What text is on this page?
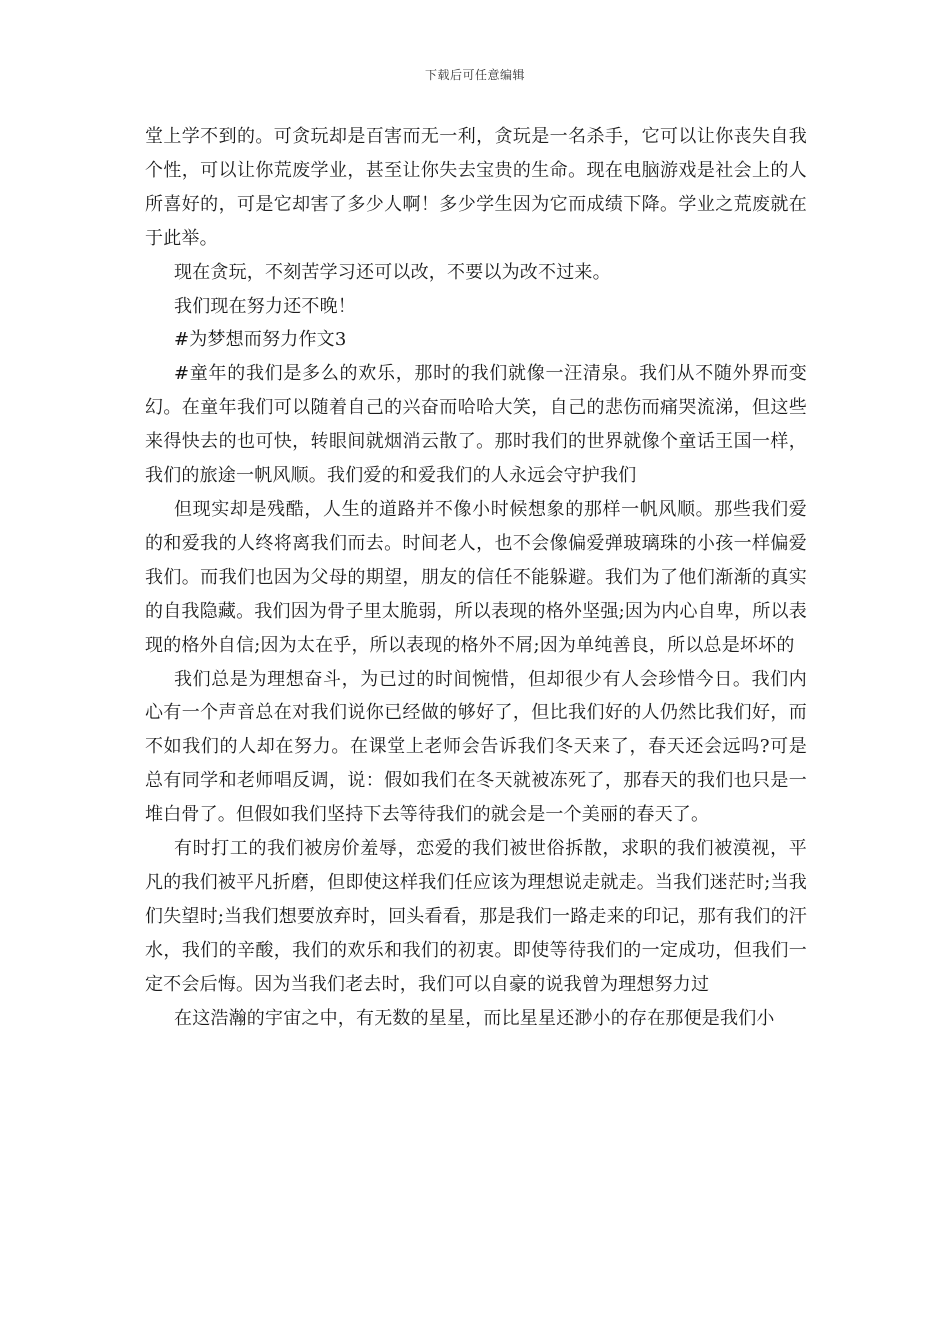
下载后可任意编辑

堂上学不到的。可贪玩却是百害而无一利，贪玩是一名杀手，它可以让你丧失自我个性，可以让你荒废学业，甚至让你失去宝贵的生命。现在电脑游戏是社会上的人所喜好的，可是它却害了多少人啊！多少学生因为它而成绩下降。学业之荒废就在于此举。

现在贪玩，不刻苦学习还可以改，不要以为改不过来。

我们现在努力还不晚！

#为梦想而努力作文3

#童年的我们是多么的欢乐，那时的我们就像一汪清泉。我们从不随外界而变幻。在童年我们可以随着自己的兴奋而哈哈大笑，自己的悲伤而痛哭流涕，但这些来得快去的也可快，转眼间就烟消云散了。那时我们的世界就像个童话王国一样，我们的旅途一帆风顺。我们爱的和爱我们的人永远会守护我们

但现实却是残酷，人生的道路并不像小时候想象的那样一帆风顺。那些我们爱的和爱我的人终将离我们而去。时间老人，也不会像偏爱弹玻璃珠的小孩一样偏爱我们。而我们也因为父母的期望，朋友的信任不能躲避。我们为了他们渐渐的真实的自我隐藏。我们因为骨子里太脆弱，所以表现的格外坚强;因为内心自卑，所以表现的格外自信;因为太在乎，所以表现的格外不屑;因为单纯善良，所以总是坏坏的

我们总是为理想奋斗，为已过的时间惋惜，但却很少有人会珍惜今日。我们内心有一个声音总在对我们说你已经做的够好了，但比我们好的人仍然比我们好，而不如我们的人却在努力。在课堂上老师会告诉我们冬天来了，春天还会远吗?可是总有同学和老师唱反调，说：假如我们在冬天就被冻死了，那春天的我们也只是一堆白骨了。但假如我们坚持下去等待我们的就会是一个美丽的春天了。

有时打工的我们被房价羞辱，恋爱的我们被世俗拆散，求职的我们被漠视，平凡的我们被平凡折磨，但即使这样我们任应该为理想说走就走。当我们迷茫时;当我们失望时;当我们想要放弃时，回头看看，那是我们一路走来的印记，那有我们的汗水，我们的辛酸，我们的欢乐和我们的初衷。即使等待我们的一定成功，但我们一定不会后悔。因为当我们老去时，我们可以自豪的说我曾为理想努力过

在这浩瀚的宇宙之中，有无数的星星，而比星星还渺小的存在那便是我们小
